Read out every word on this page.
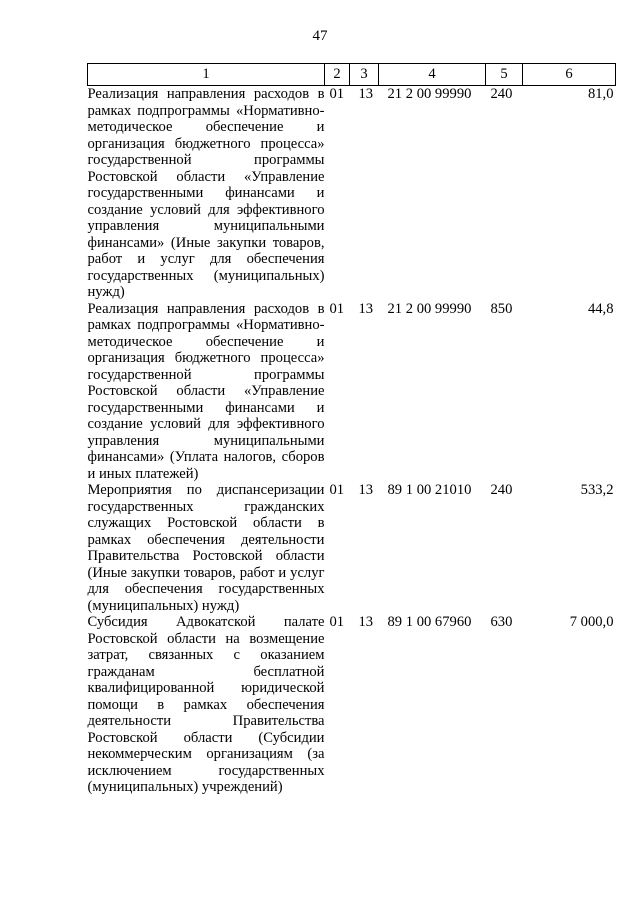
47
1	2	3	4	5	6
Реализация направления расходов в рамках подпрограммы «Нормативно-методическое обеспечение и организация бюджетного процесса» государственной программы Ростовской области «Управление государственными финансами и создание условий для эффективного управления муниципальными финансами» (Иные закупки товаров, работ и услуг для обеспечения государственных (муниципальных) нужд)	01	13	21 2 00 99990	240	81,0
Реализация направления расходов в рамках подпрограммы «Нормативно-методическое обеспечение и организация бюджетного процесса» государственной программы Ростовской области «Управление государственными финансами и создание условий для эффективного управления муниципальными финансами» (Уплата налогов, сборов и иных платежей)	01	13	21 2 00 99990	850	44,8
Мероприятия по диспансеризации государственных гражданских служащих Ростовской области в рамках обеспечения деятельности Правительства Ростовской области (Иные закупки товаров, работ и услуг для обеспечения государственных (муниципальных) нужд)	01	13	89 1 00 21010	240	533,2
Субсидия Адвокатской палате Ростовской области на возмещение затрат, связанных с оказанием гражданам бесплатной квалифицированной юридической помощи в рамках обеспечения деятельности Правительства Ростовской области (Субсидии некоммерческим организациям (за исключением государственных (муниципальных) учреждений)	01	13	89 1 00 67960	630	7 000,0
